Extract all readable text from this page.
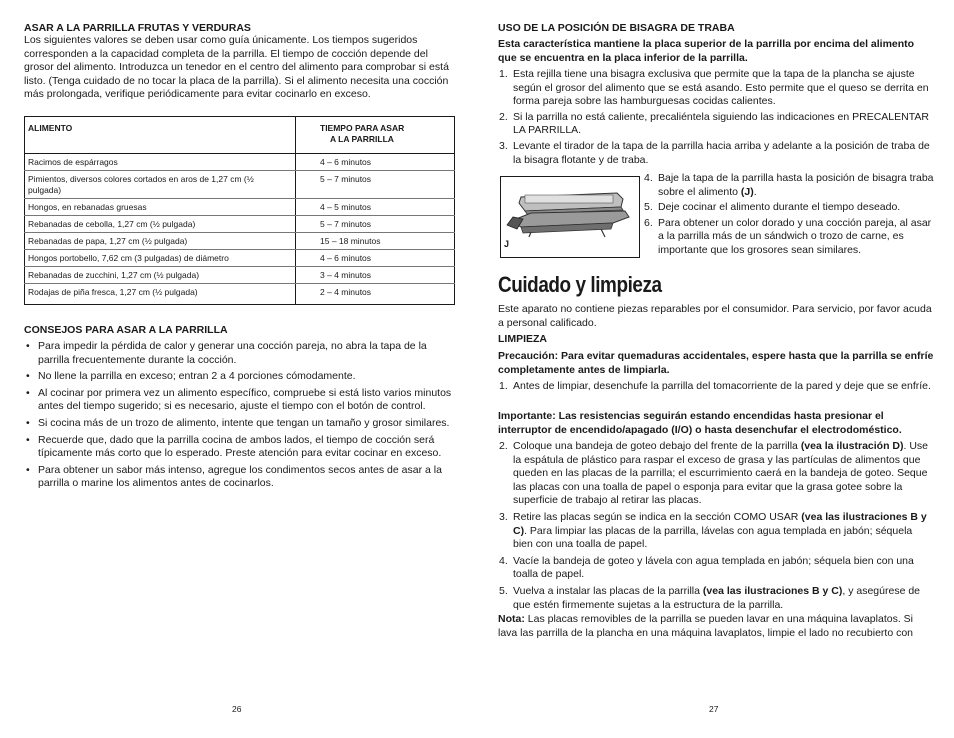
ASAR A LA PARRILLA FRUTAS Y VERDURAS

Los siguientes valores se deben usar como guía únicamente. Los tiempos sugeridos corresponden a la capacidad completa de la parrilla. El tiempo de cocción depende del grosor del alimento. Introduzca un tenedor en el centro del alimento para comprobar si está listo. (Tenga cuidado de no tocar la placa de la parrilla). Si el alimento necesita una cocción más prolongada, verifique periódicamente para evitar cocinarlo en exceso.

ALIMENTO	TIEMPO PARA ASAR
A LA PARRILLA
Racimos de espárragos	4 – 6 minutos
Pimientos, diversos colores cortados en aros de 1,27 cm (½ pulgada)	5 – 7 minutos
Hongos, en rebanadas gruesas	4 – 5 minutos
Rebanadas de cebolla, 1,27 cm (½ pulgada)	5 – 7 minutos
Rebanadas de papa, 1,27 cm (½ pulgada)	15 – 18 minutos
Hongos portobello, 7,62 cm (3 pulgadas) de diámetro	4 – 6 minutos
Rebanadas de zucchini, 1,27 cm (½ pulgada)	3 – 4 minutos
Rodajas de piña fresca, 1,27 cm (½ pulgada)	2 – 4 minutos

CONSEJOS PARA ASAR A LA PARRILLA

• Para impedir la pérdida de calor y generar una cocción pareja, no abra la tapa de la parrilla frecuentemente durante la cocción.
• No llene la parrilla en exceso; entran 2 a 4 porciones cómodamente.
• Al cocinar por primera vez un alimento específico, compruebe si está listo varios minutos antes del tiempo sugerido; si es necesario, ajuste el tiempo con el botón de control.
• Si cocina más de un trozo de alimento, intente que tengan un tamaño y grosor similares.
• Recuerde que, dado que la parrilla cocina de ambos lados, el tiempo de cocción será típicamente más corto que lo esperado. Preste atención para evitar cocinar en exceso.
• Para obtener un sabor más intenso, agregue los condimentos secos antes de asar a la parrilla o marine los alimentos antes de cocinarlos.
26

USO DE LA POSICIÓN DE BISAGRA DE TRABA

Esta característica mantiene la placa superior de la parrilla por encima del alimento que se encuentra en la placa inferior de la parrilla.

1. Esta rejilla tiene una bisagra exclusiva que permite que la tapa de la plancha se ajuste según el grosor del alimento que se está asando. Esto permite que el queso se derrita en forma pareja sobre las hamburguesas cocidas calientes.
2. Si la parrilla no está caliente, precaliéntela siguiendo las indicaciones en PRECALENTAR LA PARRILLA.
3. Levante el tirador de la tapa de la parrilla hacia arriba y adelante a la posición de traba de la bisagra flotante y de traba.
J
4. Baje la tapa de la parrilla hasta la posición de bisagra traba sobre el alimento (J).
5. Deje cocinar el alimento durante el tiempo deseado.
6. Para obtener un color dorado y una cocción pareja, al asar a la parrilla más de un sándwich o trozo de carne, es importante que los grosores sean similares.
Cuidado y limpieza

Este aparato no contiene piezas reparables por el consumidor. Para servicio, por favor acuda a personal calificado.

LIMPIEZA

Precaución: Para evitar quemaduras accidentales, espere hasta que la parrilla se enfríe completamente antes de limpiarla.

1. Antes de limpiar, desenchufe la parrilla del tomacorriente de la pared y deje que se enfríe.

Importante: Las resistencias seguirán estando encendidas hasta presionar el interruptor de encendido/apagado (I/O) o hasta desenchufar el electrodoméstico.

2. Coloque una bandeja de goteo debajo del frente de la parrilla (vea la ilustración D). Use la espátula de plástico para raspar el exceso de grasa y las partículas de alimentos que queden en las placas de la parrilla; el escurrimiento caerá en la bandeja de goteo. Seque las placas con una toalla de papel o esponja para evitar que la grasa gotee sobre la superficie de trabajo al retirar las placas.
3. Retire las placas según se indica en la sección COMO USAR (vea las ilustraciones B y C). Para limpiar las placas de la parrilla, lávelas con agua templada en jabón; séquela bien con una toalla de papel.
4. Vacíe la bandeja de goteo y lávela con agua templada en jabón; séquela bien con una toalla de papel.
5. Vuelva a instalar las placas de la parrilla (vea las ilustraciones B y C), y asegúrese de que estén firmemente sujetas a la estructura de la parrilla.

Nota: Las placas removibles de la parrilla se pueden lavar en una máquina lavaplatos. Si lava las parrilla de la plancha en una máquina lavaplatos, limpie el lado no recubierto con

27
